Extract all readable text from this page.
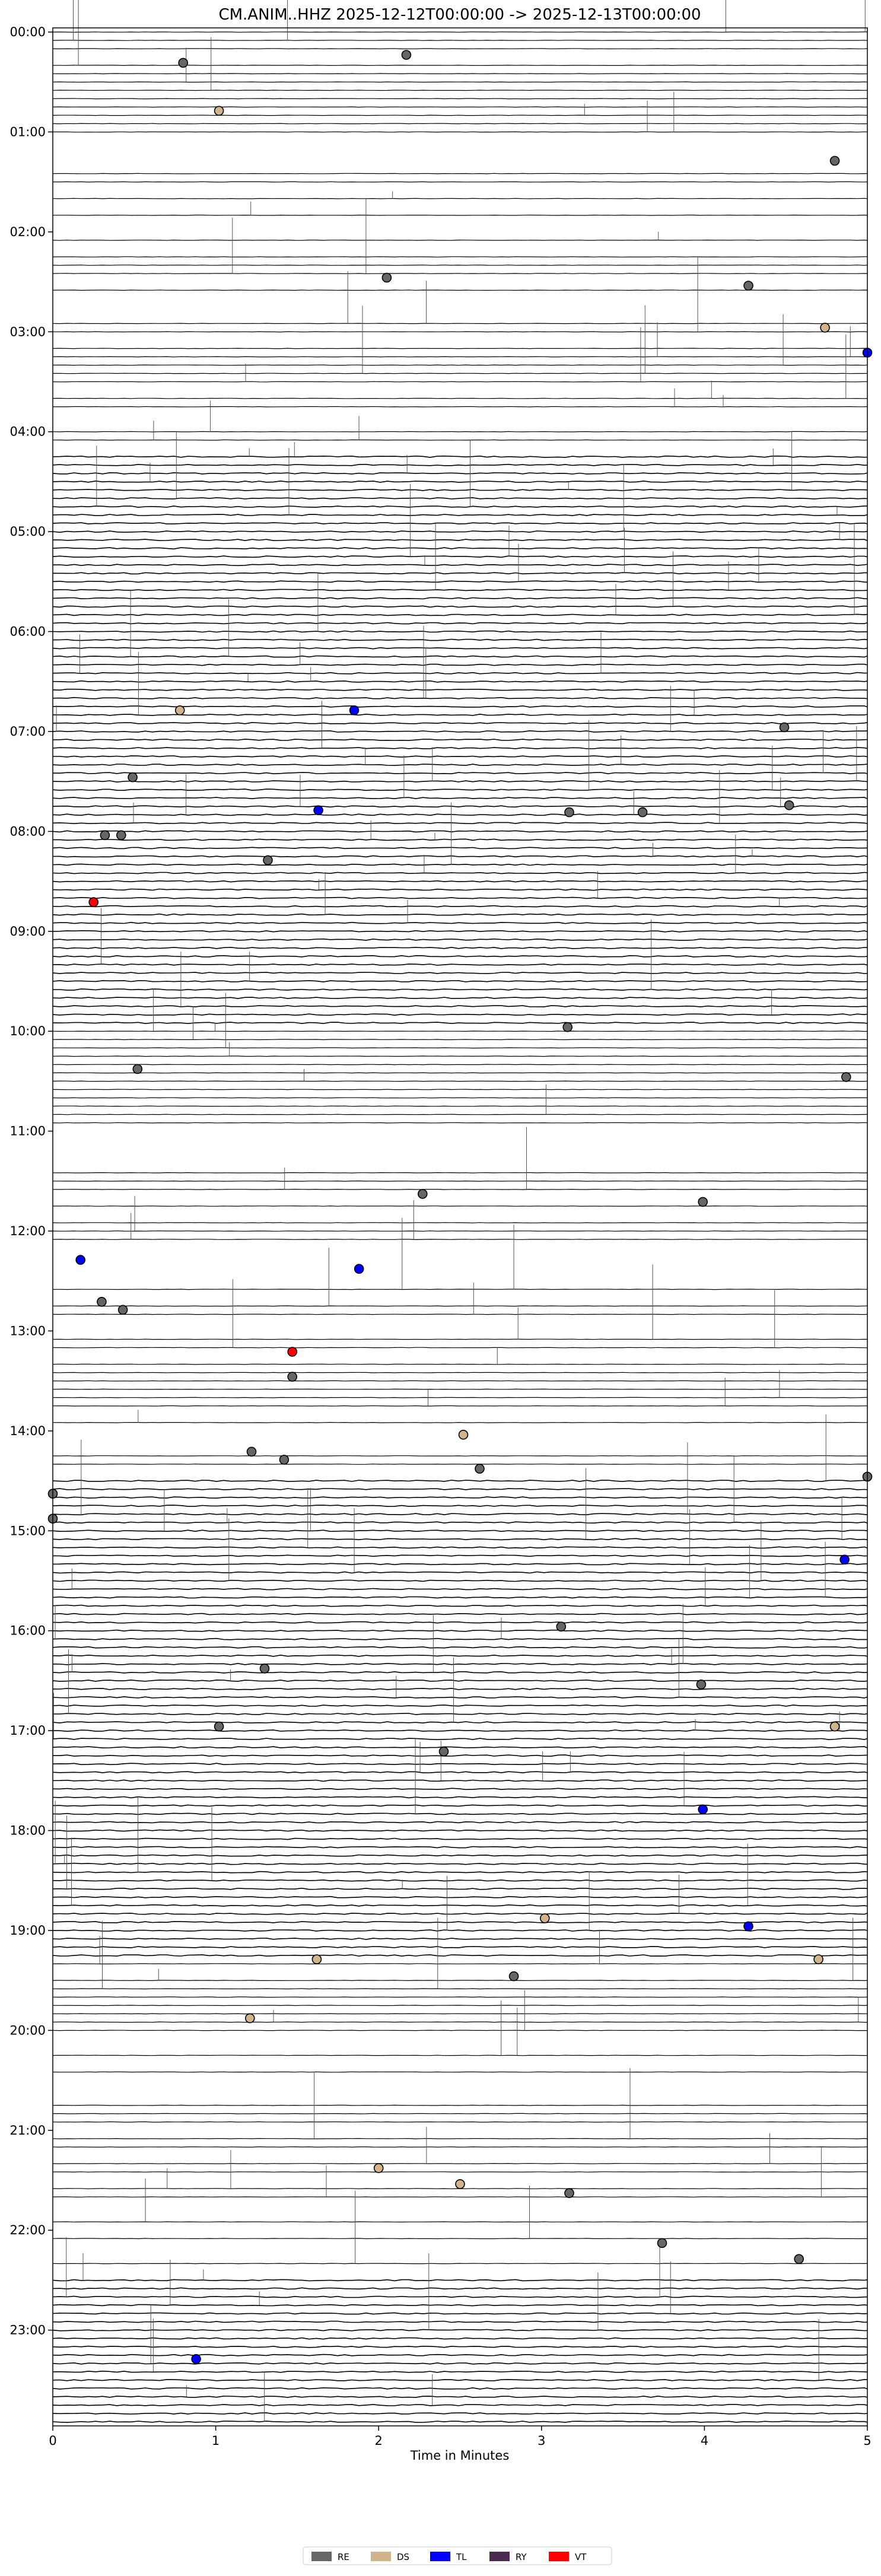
CM.ANIM..HHZ 2025-12-12T00:00:00 -> 2025-12-13T00:00:00
00:00
01:00
02:00
03:00
04:00
05:00
06:00
07:00
08:00
09:00
10:00
11:00
12:00
13:00
14:00
15:00
16:00
17:00
18:00
19:00
20:00
21:00
22:00
23:00
0	1	2	3	4	5
Time in Minutes
RE	DS	TL	RY	VT
